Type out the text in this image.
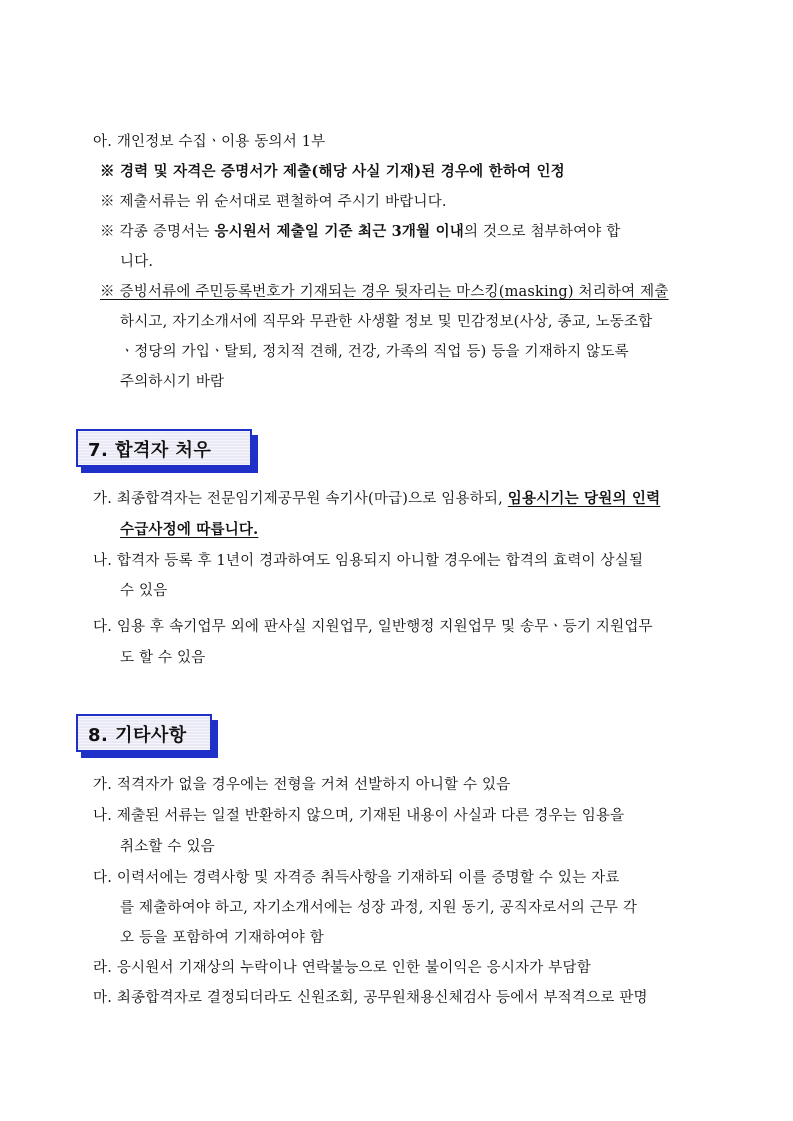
아. 개인정보 수집ㆍ이용 동의서 1부
※ 경력 및 자격은 증명서가 제출(해당 사실 기재)된 경우에 한하여 인정
※ 제출서류는 위 순서대로 편철하여 주시기 바랍니다.
※ 각종 증명서는 응시원서 제출일 기준 최근 3개월 이내의 것으로 첨부하여야 합
니다.
※ 증빙서류에 주민등록번호가 기재되는 경우 뒷자리는 마스킹(masking) 처리하여 제출
하시고, 자기소개서에 직무와 무관한 사생활 정보 및 민감정보(사상, 종교, 노동조합
ㆍ정당의 가입ㆍ탈퇴, 정치적 견해, 건강, 가족의 직업 등) 등을 기재하지 않도록
주의하시기 바람
7. 합격자 처우
가. 최종합격자는 전문임기제공무원 속기사(마급)으로 임용하되, 임용시기는 당원의 인력
수급사정에 따릅니다.
나. 합격자 등록 후 1년이 경과하여도 임용되지 아니할 경우에는 합격의 효력이 상실될
수 있음
다. 임용 후 속기업무 외에 판사실 지원업무, 일반행정 지원업무 및 송무ㆍ등기 지원업무
도 할 수 있음
8. 기타사항
가. 적격자가 없을 경우에는 전형을 거쳐 선발하지 아니할 수 있음
나. 제출된 서류는 일절 반환하지 않으며, 기재된 내용이 사실과 다른 경우는 임용을
취소할 수 있음
다. 이력서에는 경력사항 및 자격증 취득사항을 기재하되 이를 증명할 수 있는 자료
를 제출하여야 하고, 자기소개서에는 성장 과정, 지원 동기, 공직자로서의 근무 각
오 등을 포함하여 기재하여야 함
라. 응시원서 기재상의 누락이나 연락불능으로 인한 불이익은 응시자가 부담함
마. 최종합격자로 결정되더라도 신원조회, 공무원채용신체검사 등에서 부적격으로 판명
